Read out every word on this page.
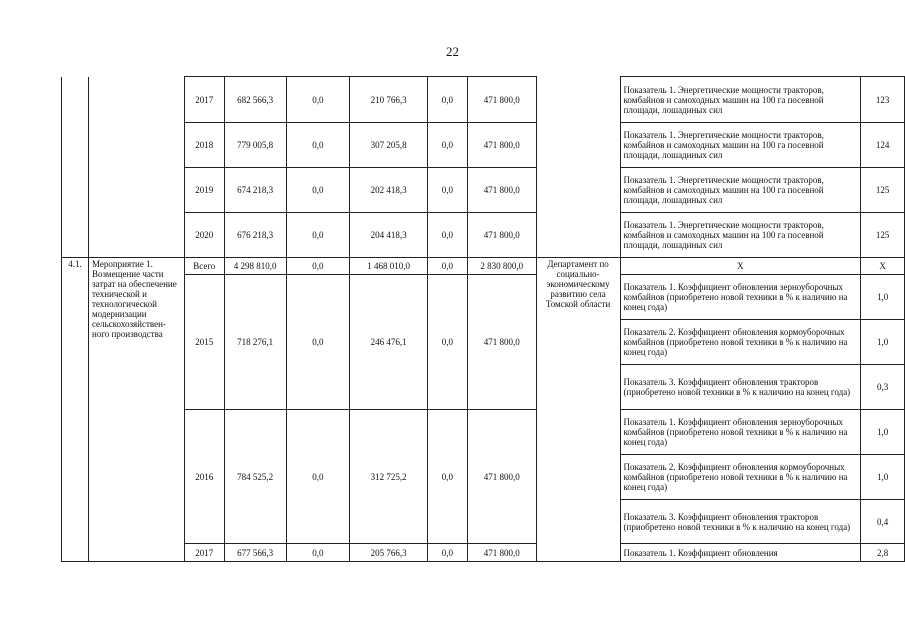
22
		2017	682 566,3	0,0	210 766,3	0,0	471 800,0		Показатель 1. Энергетические мощности тракторов, комбайнов и самоходных машин на 100 га посевной площади, лошадиных сил	123
		2018	779 005,8	0,0	307 205,8	0,0	471 800,0		Показатель 1. Энергетические мощности тракторов, комбайнов и самоходных машин на 100 га посевной площади, лошадиных сил	124
		2019	674 218,3	0,0	202 418,3	0,0	471 800,0		Показатель 1. Энергетические мощности тракторов, комбайнов и самоходных машин на 100 га посевной площади, лошадиных сил	125
		2020	676 218,3	0,0	204 418,3	0,0	471 800,0		Показатель 1. Энергетические мощности тракторов, комбайнов и самоходных машин на 100 га посевной площади, лошадиных сил	125
4.1.	Мероприятие 1. Возмещение части затрат на обеспечение технической и технологической модернизации сельскохозяйствен-ного производства	Всего	4 298 810,0	0,0	1 468 010,0	0,0	2 830 800,0	Департамент по социально-экономическому развитию села Томской области	Х	Х
		2015	718 276,1	0,0	246 476,1	0,0	471 800,0		Показатель 1. Коэффициент обновления зерноуборочных комбайнов (приобретено новой техники в % к наличию на конец года)	1,0
									Показатель 2. Коэффициент обновления кормоуборочных комбайнов (приобретено новой техники в % к наличию на конец года)	1,0
									Показатель 3. Коэффициент обновления тракторов (приобретено новой техники в % к наличию на конец года)	0,3
		2016	784 525,2	0,0	312 725,2	0,0	471 800,0		Показатель 1. Коэффициент обновления зерноуборочных комбайнов (приобретено новой техники в % к наличию на конец года)	1,0
									Показатель 2. Коэффициент обновления кормоуборочных комбайнов (приобретено новой техники в % к наличию на конец года)	1,0
									Показатель 3. Коэффициент обновления тракторов (приобретено новой техники в % к наличию на конец года)	0,4
		2017	677 566,3	0,0	205 766,3	0,0	471 800,0		Показатель 1. Коэффициент обновления	2,8
